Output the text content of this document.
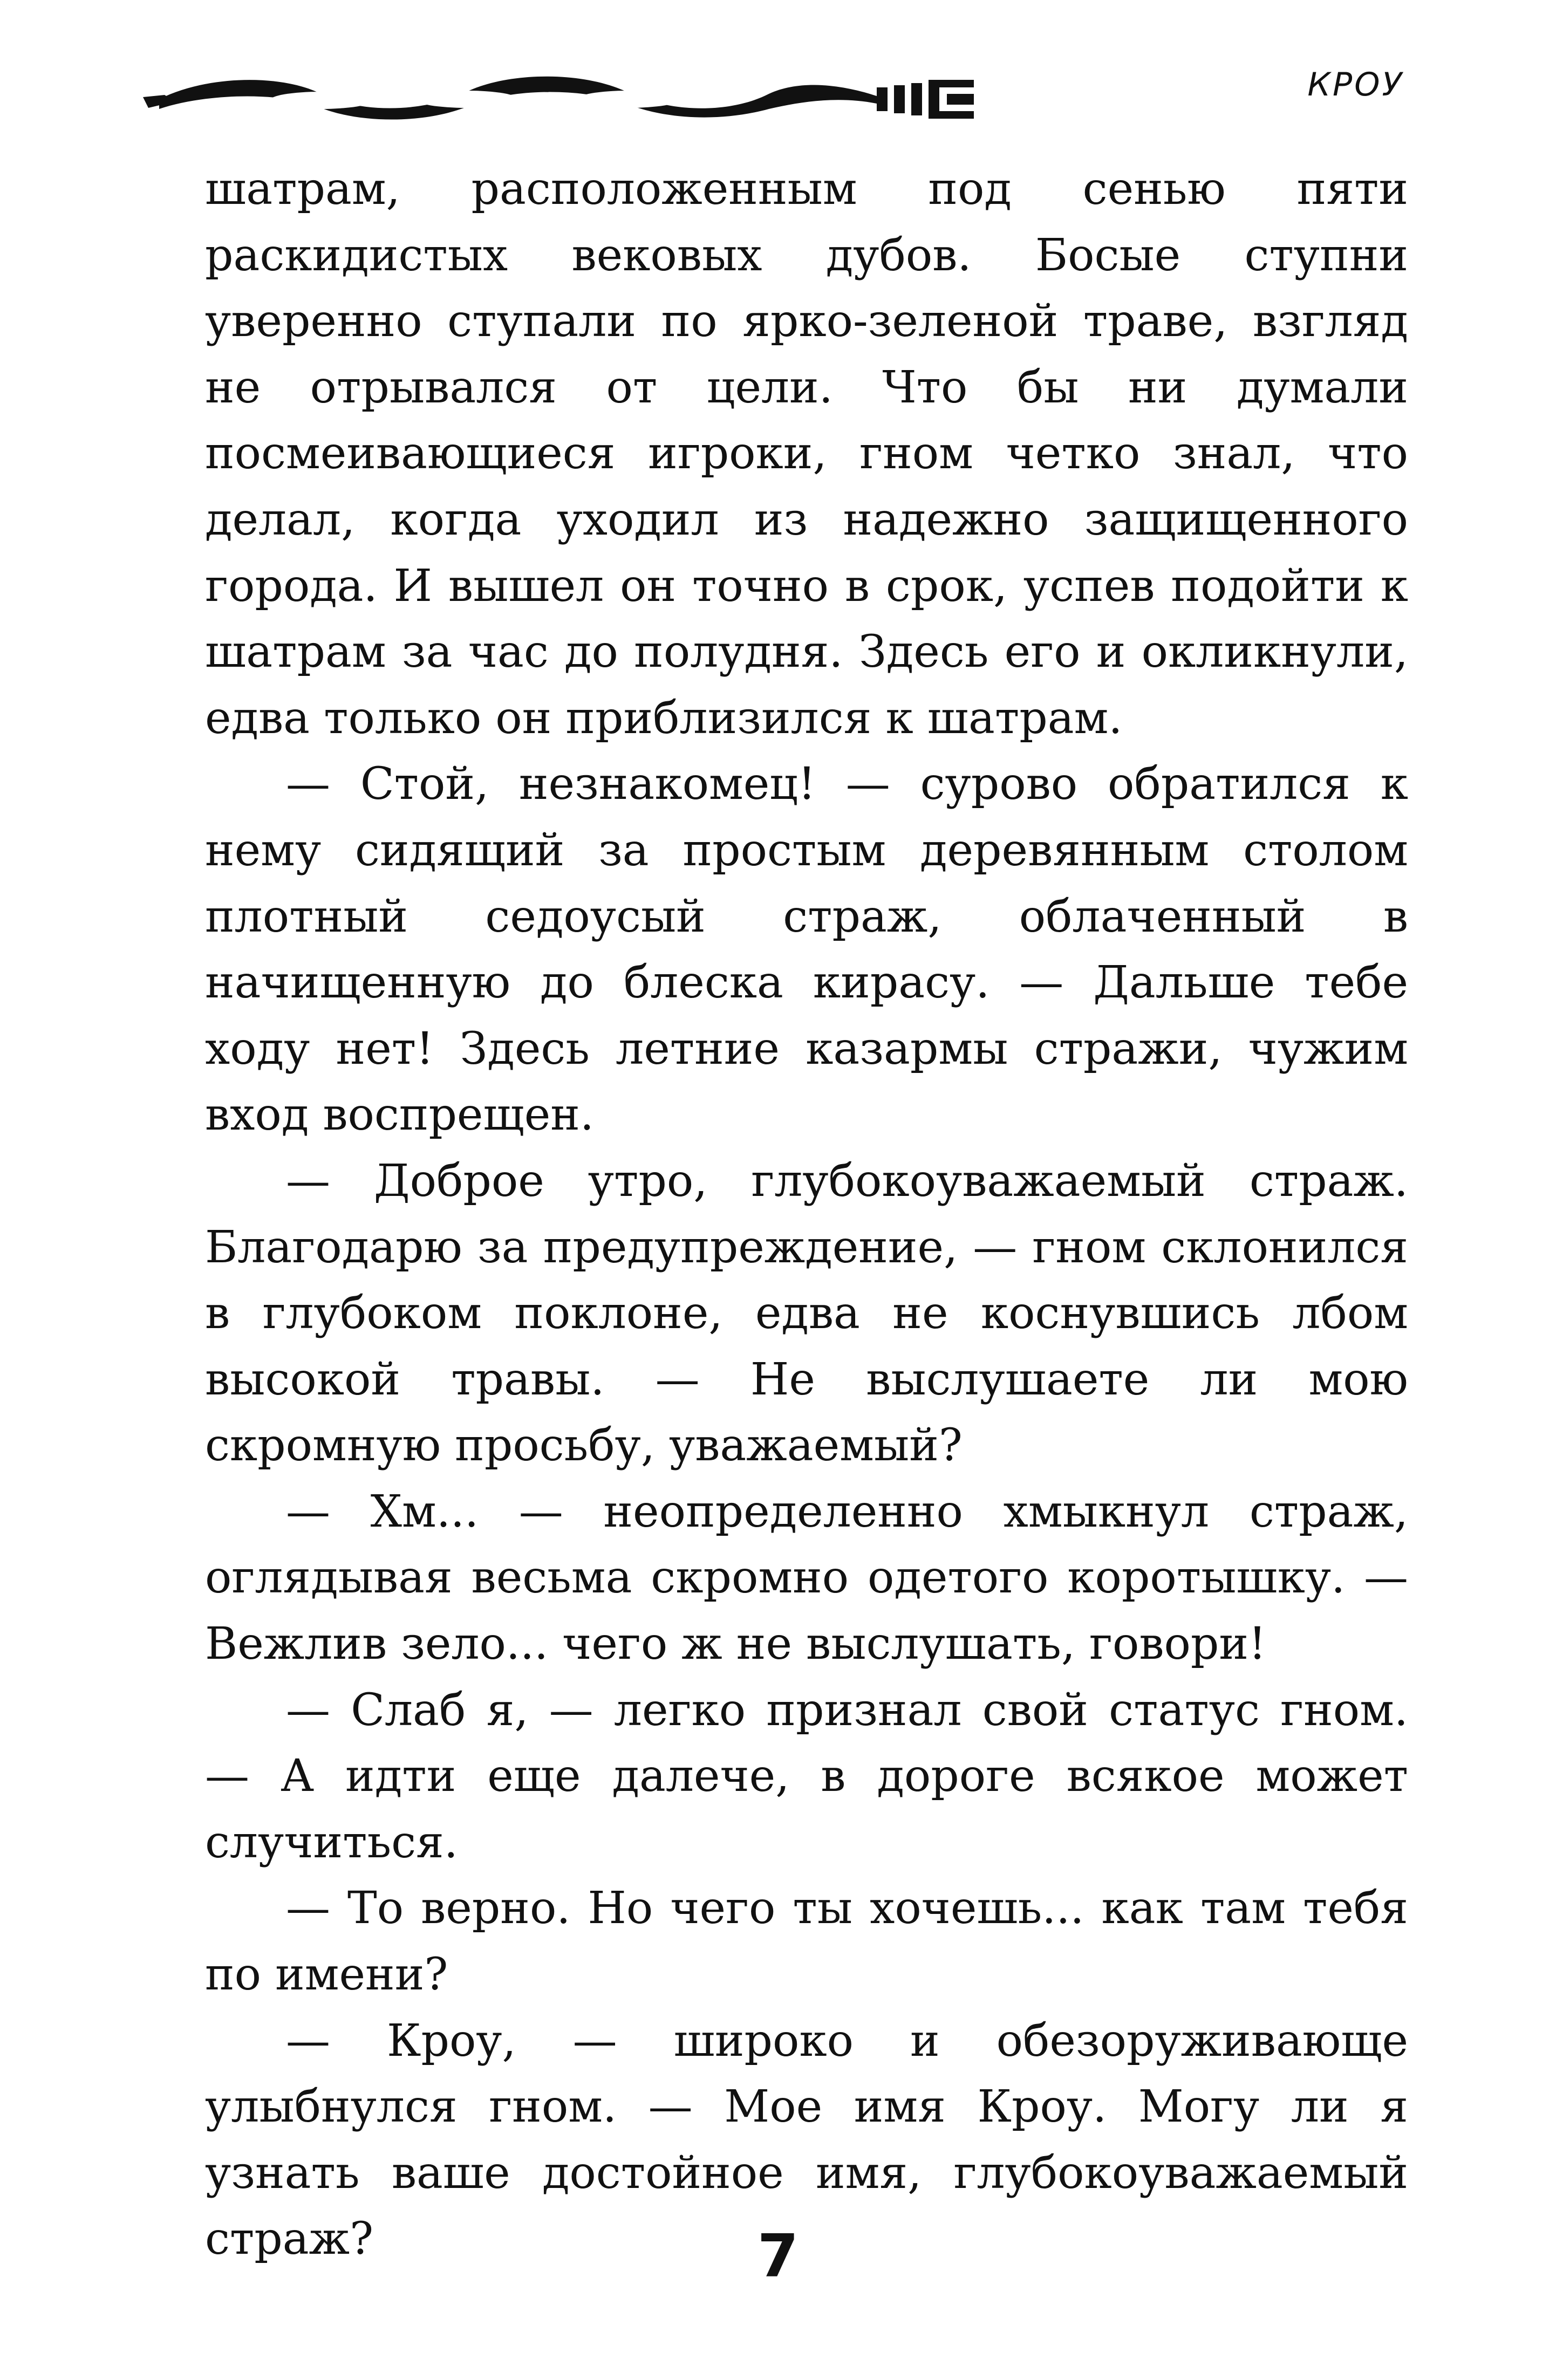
КРОУ

шатрам, расположенным под сенью пяти раскидистых вековых дубов. Босые ступни уверенно ступали по ярко-зеленой траве, взгляд не отрывался от цели. Что бы ни думали посмеивающиеся игроки, гном четко знал, что делал, когда уходил из надежно защищенного города. И вышел он точно в срок, успев подойти к шатрам за час до полудня. Здесь его и окликнули, едва только он приблизился к шатрам.

— Стой, незнакомец! — сурово обратился к нему сидящий за простым деревянным столом плотный седоусый страж, облаченный в начищенную до блеска кирасу. — Дальше тебе ходу нет! Здесь летние казармы стражи, чужим вход воспрещен.

— Доброе утро, глубокоуважаемый страж. Благодарю за предупреждение, — гном склонился в глубоком поклоне, едва не коснувшись лбом высокой травы. — Не выслушаете ли мою скромную просьбу, уважаемый?

— Хм... — неопределенно хмыкнул страж, оглядывая весьма скромно одетого коротышку. — Вежлив зело... чего ж не выслушать, говори!

— Слаб я, — легко признал свой статус гном. — А идти еще далече, в дороге всякое может случиться.

— То верно. Но чего ты хочешь... как там тебя по имени?

— Кроу, — широко и обезоруживающе улыбнулся гном. — Мое имя Кроу. Могу ли я узнать ваше достойное имя, глубокоуважаемый страж?	7
